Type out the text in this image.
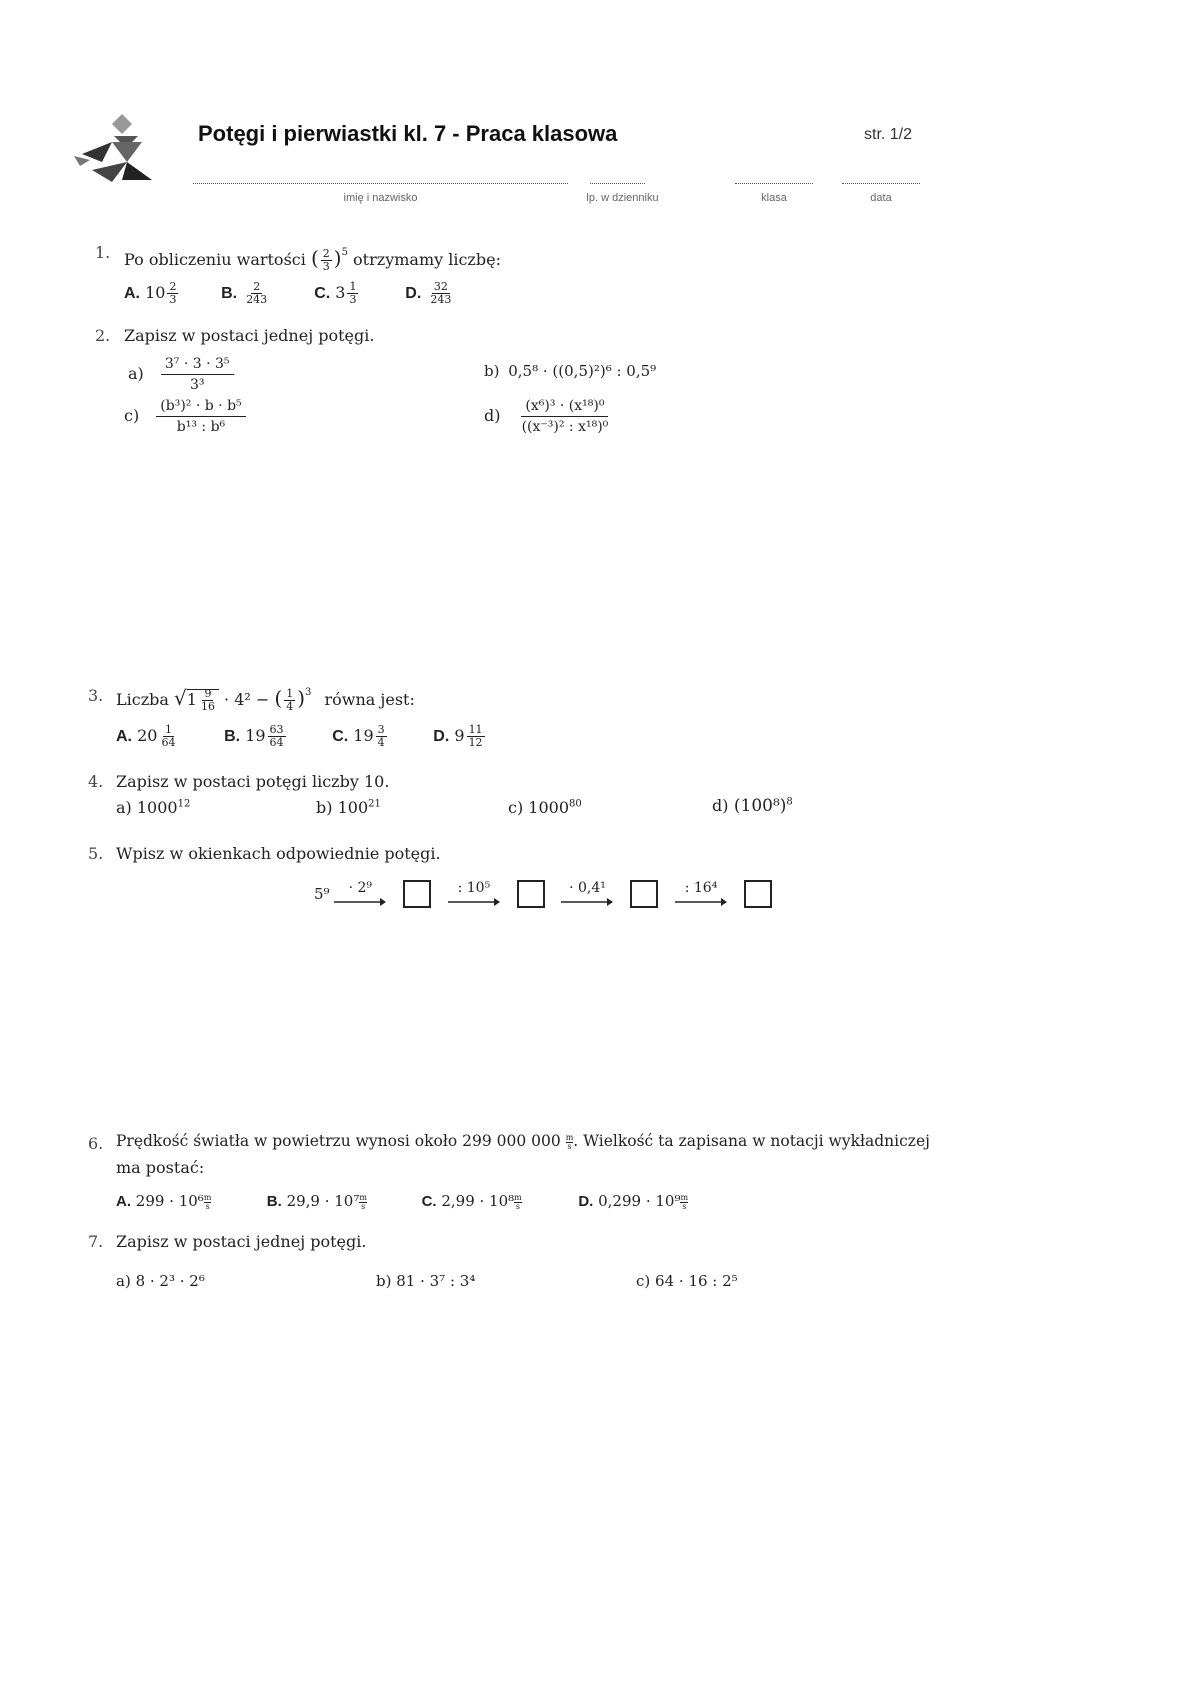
Potęgi i pierwiastki kl. 7 - Praca klasowa	str. 1/2
imię i nazwisko	lp. w dzienniku	klasa	data
1. Po obliczeniu wartości ( $\frac{2}{3} )^5$ otrzymamy liczbę:
A. $10 \frac{2}{3}$	B. $\frac{2}{243}$	C. $3 \frac{1}{3}$	D. $\frac{32}{243}$
2. Zapisz w postaci jednej potęgi.
$a) \frac{\text{3⁷ · 3 · 3⁵}}{\text{3³}}$	b) 0,5⁸ · ((0,5)²)⁶ : 0,5⁹
$c) \frac{\text{(b³)² · b · b⁵}}{\text{b¹³ : b⁶}}$	$d) \frac{\text{(x⁶)³ · (x¹⁸)⁰}}{\text{((x⁻³)² : x¹⁸)⁰}}$
3. Liczba $√1 \frac{9}{16} \cdot 4^2$ − ( $\frac{1}{4} )^3$ równa jest:
A. $20 \frac{1}{64}$	B. $19 \frac{63}{64}$	C. $19 \frac{3}{4}$	D. $9 \frac{11}{12}$
4. Zapisz w postaci potęgi liczby 10.
a) 1000$^{12}$	b) $100^{21}$	c) 1000$^{80}$	d) $(100^8)^8$
5. Wpisz w okienkach odpowiednie potęgi.
5⁹ · 2⁹
	: 10⁵
	· 0,4¹
	: 16⁴

6. Prędkość światła w powietrzu wynosi około 299 000 $000 \frac{m}{s}$ . Wielkość ta zapisana w notacji wykładniczej
ma postać:
A. $299 \cdot 10^6 \frac{m}{s}$	B. $29,9 \cdot 10^7 \frac{m}{s}$	C. $2,99 \cdot 10^8 \frac{m}{s}$	D. $0,299 \cdot 10^9 \frac{m}{s}$
7. Zapisz w postaci jednej potęgi.
a) 8 · 2³ · 2⁶	b) 81 · 3⁷ : 3⁴	c) 64 · 16 : 2⁵
